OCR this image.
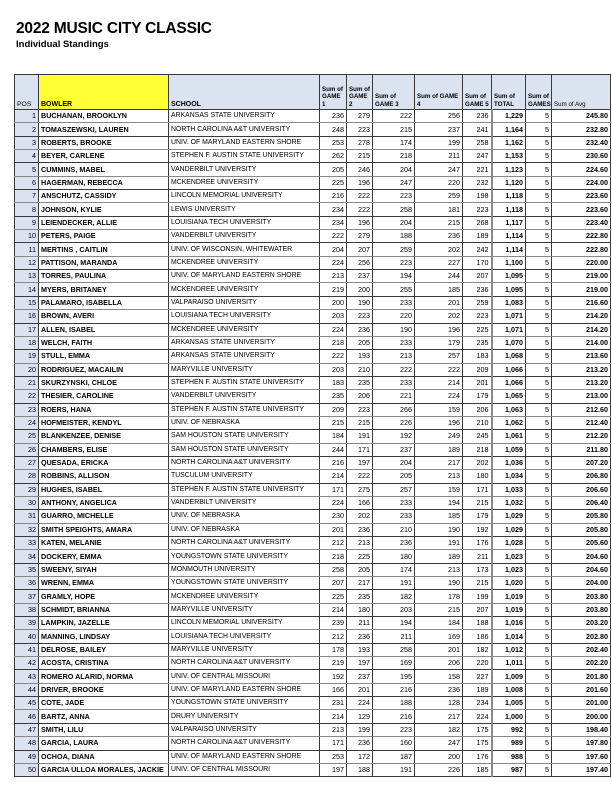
2022 MUSIC CITY CLASSIC
Individual Standings
POS	BOWLER	SCHOOL	Sum of GAME 1	Sum of GAME 2	Sum of GAME 3	Sum of GAME 4	Sum of GAME 5	Sum of TOTAL	Sum of GAMES	Sum of Avg
1	BUCHANAN, BROOKLYN	ARKANSAS STATE UNIVERSITY	236	279	222	256	236	1,229	5	245.80
2	TOMASZEWSKI, LAUREN	NORTH CAROLINA A&T UNIVERSITY	248	223	215	237	241	1,164	5	232.80
3	ROBERTS, BROOKE	UNIV. OF MARYLAND EASTERN SHORE	253	278	174	199	258	1,162	5	232.40
4	BEYER, CARLENE	STEPHEN F. AUSTIN STATE UNIVERSITY	262	215	218	211	247	1,153	5	230.60
5	CUMMINS, MABEL	VANDERBILT UNIVERSITY	205	246	204	247	221	1,123	5	224.60
6	HAGERMAN, REBECCA	MCKENDREE UNIVERSITY	225	196	247	220	232	1,120	5	224.00
7	ANSCHUTZ, CASSIDY	LINCOLN MEMORIAL UNIVERSITY	216	222	223	259	198	1,118	5	223.60
8	JOHNSON, KYLIE	LEWIS UNIVERSITY	234	222	258	181	223	1,118	5	223.60
9	LEIENDECKER, ALLIE	LOUISIANA TECH UNIVERSITY	234	196	204	215	268	1,117	5	223.40
10	PETERS, PAIGE	VANDERBILT UNIVERSITY	222	279	188	236	189	1,114	5	222.80
11	MERTINS , CAITLIN	UNIV. OF WISCONSIN, WHITEWATER	204	207	259	202	242	1,114	5	222.80
12	PATTISON, MARANDA	MCKENDREE UNIVERSITY	224	256	223	227	170	1,100	5	220.00
13	TORRES, PAULINA	UNIV. OF MARYLAND EASTERN SHORE	213	237	194	244	207	1,095	5	219.00
14	MYERS, BRITANEY	MCKENDREE UNIVERSITY	219	200	255	185	236	1,095	5	219.00
15	PALAMARO, ISABELLA	VALPARAISO UNIVERSITY	200	190	233	201	259	1,083	5	216.60
16	BROWN, AVERI	LOUISIANA TECH UNIVERSITY	203	223	220	202	223	1,071	5	214.20
17	ALLEN, ISABEL	MCKENDREE UNIVERSITY	224	236	190	196	225	1,071	5	214.20
18	WELCH, FAITH	ARKANSAS STATE UNIVERSITY	218	205	233	179	235	1,070	5	214.00
19	STULL, EMMA	ARKANSAS STATE UNIVERSITY	222	193	213	257	183	1,068	5	213.60
20	RODRIGUEZ, MACAILIN	MARYVILLE UNIVERSITY	203	210	222	222	209	1,066	5	213.20
21	SKURZYNSKI, CHLOE	STEPHEN F. AUSTIN STATE UNIVERSITY	183	235	233	214	201	1,066	5	213.20
22	THESIER, CAROLINE	VANDERBILT UNIVERSITY	235	206	221	224	179	1,065	5	213.00
23	ROERS, HANA	STEPHEN F. AUSTIN STATE UNIVERSITY	209	223	266	159	206	1,063	5	212.60
24	HOFMEISTER, KENDYL	UNIV. OF NEBRASKA	215	215	226	196	210	1,062	5	212.40
25	BLANKENZEE, DENISE	SAM HOUSTON STATE UNIVERSITY	184	191	192	249	245	1,061	5	212.20
26	CHAMBERS, ELISE	SAM HOUSTON STATE UNIVERSITY	244	171	237	189	218	1,059	5	211.80
27	QUESADA, ERICKA	NORTH CAROLINA A&T UNIVERSITY	216	197	204	217	202	1,036	5	207.20
28	ROBBINS, ALLISON	TUSCULUM UNIVERSITY	214	222	205	213	180	1,034	5	206.80
29	HUGHES, ISABEL	STEPHEN F. AUSTIN STATE UNIVERSITY	171	275	257	159	171	1,033	5	206.60
30	ANTHONY, ANGELICA	VANDERBILT UNIVERSITY	224	166	233	194	215	1,032	5	206.40
31	GUARRO, MICHELLE	UNIV. OF NEBRASKA	230	202	233	185	179	1,029	5	205.80
32	SMITH SPEIGHTS, AMARA	UNIV. OF NEBRASKA	201	236	210	190	192	1,029	5	205.80
33	KATEN, MELANIE	NORTH CAROLINA A&T UNIVERSITY	212	213	236	191	176	1,028	5	205.60
34	DOCKERY, EMMA	YOUNGSTOWN STATE UNIVERSITY	218	225	180	189	211	1,023	5	204.60
35	SWEENY, SIYAH	MONMOUTH UNIVERSITY	258	205	174	213	173	1,023	5	204.60
36	WRENN, EMMA	YOUNGSTOWN STATE UNIVERSITY	207	217	191	190	215	1,020	5	204.00
37	GRAMLY, HOPE	MCKENDREE UNIVERSITY	225	235	182	178	199	1,019	5	203.80
38	SCHMIDT, BRIANNA	MARYVILLE UNIVERSITY	214	180	203	215	207	1,019	5	203.80
39	LAMPKIN, JAZELLE	LINCOLN MEMORIAL UNIVERSITY	239	211	194	184	188	1,016	5	203.20
40	MANNING, LINDSAY	LOUISIANA TECH UNIVERSITY	212	236	211	169	186	1,014	5	202.80
41	DELROSE, BAILEY	MARYVILLE UNIVERSITY	178	193	258	201	182	1,012	5	202.40
42	ACOSTA, CRISTINA	NORTH CAROLINA A&T UNIVERSITY	219	197	169	206	220	1,011	5	202.20
43	ROMERO ALARID, NORMA	UNIV. OF CENTRAL MISSOURI	192	237	195	158	227	1,009	5	201.80
44	DRIVER, BROOKE	UNIV. OF MARYLAND EASTERN SHORE	166	201	216	236	189	1,008	5	201.60
45	COTE, JADE	YOUNGSTOWN STATE UNIVERSITY	231	224	188	128	234	1,005	5	201.00
46	BARTZ, ANNA	DRURY UNIVERSITY	214	129	216	217	224	1,000	5	200.00
47	SMITH, LILU	VALPARAISO UNIVERSITY	213	199	223	182	175	992	5	198.40
48	GARCIA, LAURA	NORTH CAROLINA A&T UNIVERSITY	171	236	160	247	175	989	5	197.80
49	OCHOA, DIANA	UNIV. OF MARYLAND EASTERN SHORE	253	172	187	200	176	988	5	197.60
50	GARCIA ULLOA MORALES, JACKIE	UNIV. OF CENTRAL MISSOURI	197	188	191	226	185	987	5	197.40
